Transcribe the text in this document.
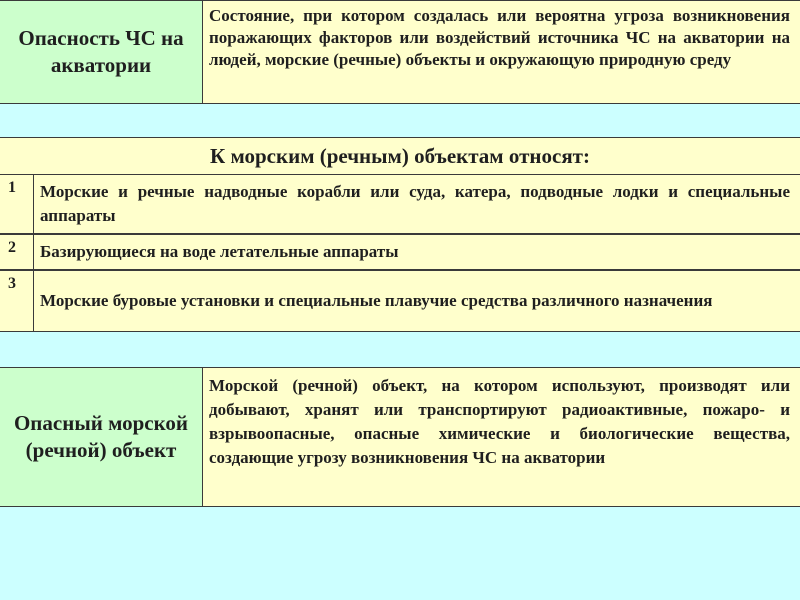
Опасность ЧС на акватории
Состояние, при котором создалась или вероятна угроза возникновения поражающих факторов или воздействий источника ЧС на акватории на людей, морские (речные) объекты и окружающую природную среду
К морским (речным) объектам относят:
1	Морские и речные надводные корабли или суда, катера, подводные лодки и специальные аппараты
2	Базирующиеся на воде летательные аппараты
3
Морские буровые установки и специальные плавучие средства различного назначения
Опасный морской (речной) объект
Морской (речной) объект, на котором используют, производят или добывают, хранят или транспортируют радиоактивные, пожаро- и взрывоопасные, опасные химические и биологические вещества, создающие угрозу возникновения ЧС на акватории
